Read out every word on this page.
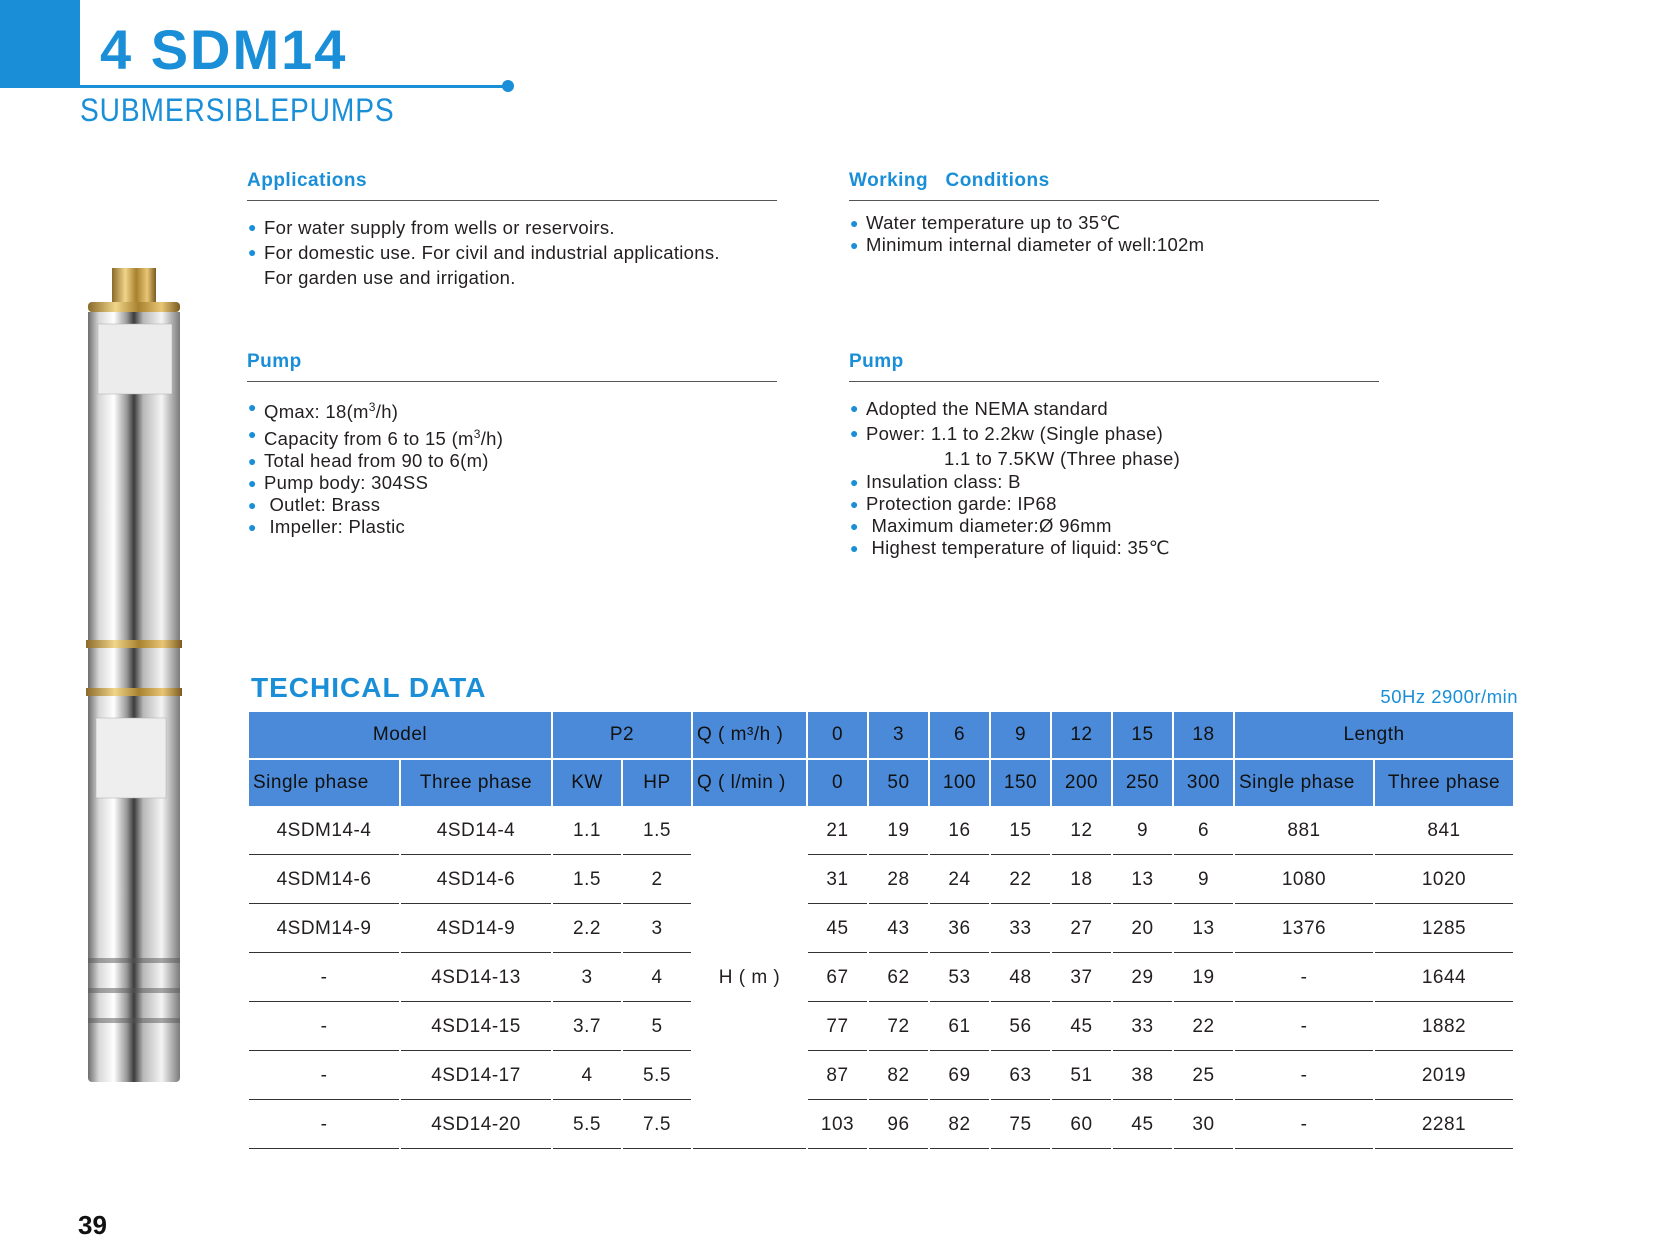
4 SDM14
SUBMERSIBLEPUMPS
Applications
● For water supply from wells or reservoirs.
● For domestic use. For civil and industrial applications.
For garden use and irrigation.
Working   Conditions
● Water temperature up to 35℃
● Minimum internal diameter of well:102m
Pump
● Qmax: $18(m^3/h)$
● Capacity from 6 to 15 $(m^3/h)$
● Total head from 90 to 6(m)
● Pump body: 304SS
● Outlet: Brass
● Impeller: Plastic
Pump
● Adopted the NEMA standard
● Power: 1.1 to 2.2kw (Single phase)
1.1 to 7.5KW (Three phase)
● Insulation class: B
● Protection garde: IP68
● Maximum diameter:Ø 96mm
● Highest temperature of liquid: 35℃
TECHICAL DATA	50Hz 2900r/min
Model		P2		Q ( m³/h )	0	3	6	9	12	15	18	Length	
Single phase	Three phase	KW	HP	Q ( l/min )	0	50	100	150	200	250	300	Single phase	Three phase
4SDM14-4	4SD14-4	1.1	1.5	H ( m )	21	19	16	15	12	9	6	881	841
4SDM14-6	4SD14-6	1.5	2		31	28	24	22	18	13	9	1080	1020
4SDM14-9	4SD14-9	2.2	3		45	43	36	33	27	20	13	1376	1285
-	4SD14-13	3	4		67	62	53	48	37	29	19	-	1644
-	4SD14-15	3.7	5		77	72	61	56	45	33	22	-	1882
-	4SD14-17	4	5.5		87	82	69	63	51	38	25	-	2019
-	4SD14-20	5.5	7.5		103	96	82	75	60	45	30	-	2281
39
